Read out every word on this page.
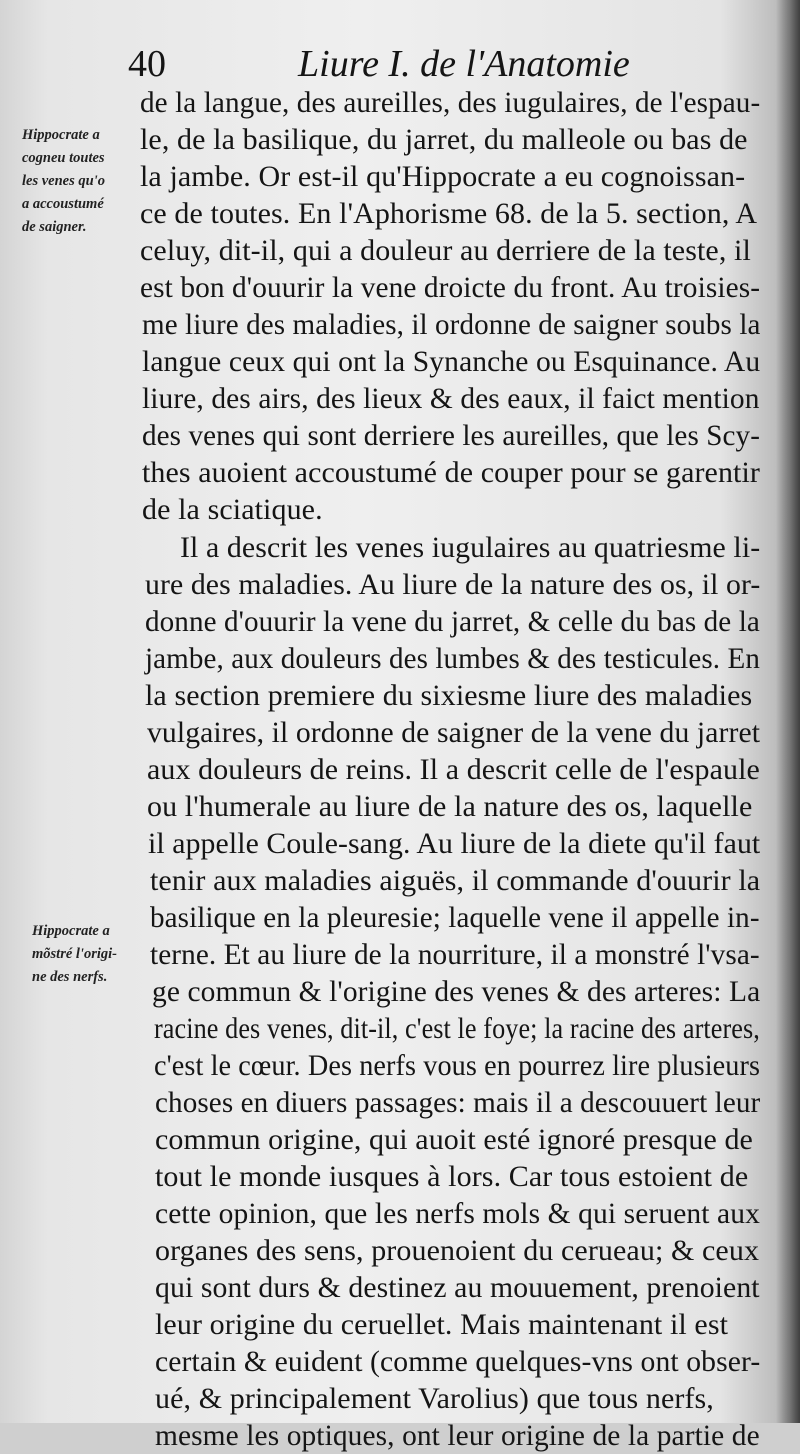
40	Liure I. de l'Anatomie
Hippocrate a
cogneu toutes
les venes qu'o
a accoustumé
de saigner.
Hippocrate a
mõstré l'origi-
ne des nerfs.
de la langue, des aureilles, des iugulaires, de l'espau-
le, de la basilique, du jarret, du malleole ou bas de
la jambe. Or est-il qu'Hippocrate a eu cognoissan-
ce de toutes. En l'Aphorisme 68. de la 5. section, A
celuy, dit-il, qui a douleur au derriere de la teste, il
est bon d'ouurir la vene droicte du front. Au troisies-
me liure des maladies, il ordonne de saigner soubs la
langue ceux qui ont la Synanche ou Esquinance. Au
liure, des airs, des lieux & des eaux, il faict mention
des venes qui sont derriere les aureilles, que les Scy-
thes auoient accoustumé de couper pour se garentir
de la sciatique.
Il a descrit les venes iugulaires au quatriesme li-
ure des maladies. Au liure de la nature des os, il or-
donne d'ouurir la vene du jarret, & celle du bas de la
jambe, aux douleurs des lumbes & des testicules. En
la section premiere du sixiesme liure des maladies
vulgaires, il ordonne de saigner de la vene du jarret
aux douleurs de reins. Il a descrit celle de l'espaule
ou l'humerale au liure de la nature des os, laquelle
il appelle Coule-sang. Au liure de la diete qu'il faut
tenir aux maladies aiguës, il commande d'ouurir la
basilique en la pleuresie; laquelle vene il appelle in-
terne. Et au liure de la nourriture, il a monstré l'vsa-
ge commun & l'origine des venes & des arteres: La
racine des venes, dit-il, c'est le foye; la racine des arteres,
c'est le cœur. Des nerfs vous en pourrez lire plusieurs
choses en diuers passages: mais il a descouuert leur
commun origine, qui auoit esté ignoré presque de
tout le monde iusques à lors. Car tous estoient de
cette opinion, que les nerfs mols & qui seruent aux
organes des sens, prouenoient du cerueau; & ceux
qui sont durs & destinez au mouuement, prenoient
leur origine du ceruellet. Mais maintenant il est
certain & euident (comme quelques-vns ont obser-
ué, & principalement Varolius) que tous nerfs,
mesme les optiques, ont leur origine de la partie de
